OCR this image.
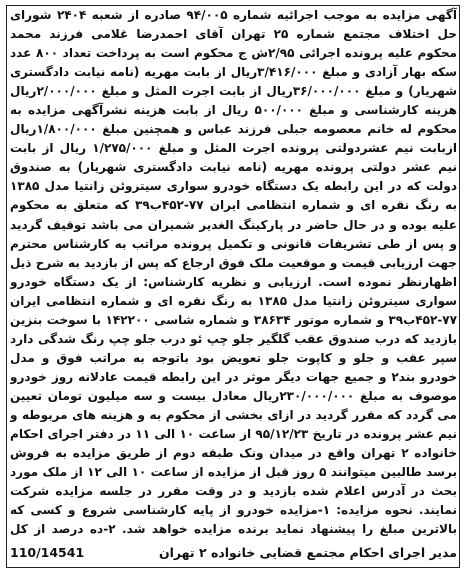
آگهی مزایده به موجب اجرائیه شماره ۹۴/۰۰۵ صادره از شعبه ۲۴۰۴ شورای حل اختلاف مجتمع شماره ۲۵ تهران آقای احمدرضا غلامی فرزند محمد محکوم علیه پرونده اجرائی ۲/۹۵ش ج محکوم است به پرداخت تعداد ۸۰۰ عدد سکه بهار آزادی و مبلغ ۳/۴۱۶/۰۰۰ریال از بابت مهریه (نامه نیابت دادگستری شهریار) و مبلغ ۳۶/۰۰۰/۰۰۰ریال از بابت اجرت المثل و مبلغ ۲/۰۰۰/۰۰۰ریال هزینه کارشناسی و مبلغ ۵۰۰/۰۰۰ ریال از بابت هزینه نشرآگهی مزایده به محکوم له خانم معصومه جبلی فرزند عباس و همچنین مبلغ ۱/۸۰۰/۰۰۰ریال ازبابت نیم عشردولتی پرونده اجرت المثل و مبلغ ۱/۲۷۵/۰۰۰ ریال از بابت نیم عشر دولتی پرونده مهریه (نامه نیابت دادگستری شهریار) به صندوق دولت که در این رابطه یک دستگاه خودرو سواری سیتروئن زانتیا مدل ۱۳۸۵ به رنگ نقره ای و شماره انتظامی ایران ۷۷-۴۵۲ب۳۹ که متعلق به محکوم علیه بوده و در حال حاضر در پارکینگ الغدیر شمیران می باشد توقیف گردید و پس از طی تشریفات قانونی و تکمیل پرونده مراتب به کارشناس محترم جهت ارزیابی قیمت و موقعیت ملک فوق ارجاع که پس از بازدید به شرح ذیل اظهارنظر نموده است. ارزیابی و نظریه کارشناس: از یک دستگاه خودرو سواری سیتروئن زانتیا مدل ۱۳۸۵ به رنگ نقره ای و شماره انتظامی ایران ۷۷-۴۵۲ب۳۹ و شماره موتور ۳۸۶۳۴ و شماره شاسی ۱۴۲۲۰۰ با سوخت بنزین بازدید که درب صندوق عقب گلگیر جلو چپ ئو درب جلو چپ رنگ شدگی دارد سپر عقب و جلو و کاپوت جلو تعویض بود باتوجه به مراتب فوق و مدل خودرو بند۲ و جمیع جهات دیگر موثر در این رابطه قیمت عادلانه روز خودرو موصوف به مبلغ ۲۳۰/۰۰۰/۰۰۰ریال معادل بیست و سه میلیون تومان تعیین می گردد که مقرر گردید در ازای بخشی از محکوم به و هزینه های مربوطه و نیم عشر پرونده در تاریخ ۹۵/۱۲/۲۳ از ساعت ۱۰ الی ۱۱ در دفتر اجرای احکام خانواده ۲ تهران واقع در میدان ونک طبقه دوم از طریق مزایده به فروش برسد طالبین میتوانند ۵ روز قبل از مزایده از ساعت ۱۰ الی ۱۲ از ملک مورد بحث در آدرس اعلام شده بازدید و در وقت مقرر در جلسه مزایده شرکت نمایند. نحوه مزایده: ۱-مزایده خودرو از پایه کارشناسی شروع و کسی که بالاترین مبلغ را پیشنهاد نماید برنده مزایده خواهد شد. ۲-ده درصد از کل
مدیر اجرای احکام مجتمع قضایی خانواده ۲ تهران
110/14541
